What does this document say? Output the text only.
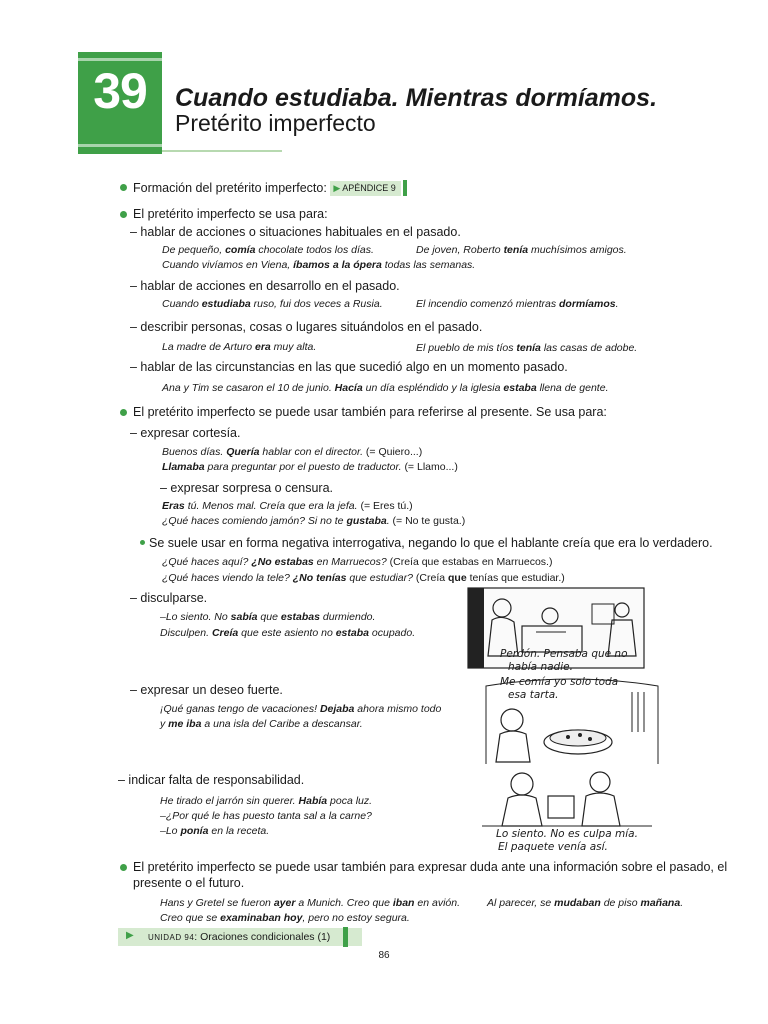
39	Cuando estudiaba. Mientras dormíamos.
Pretérito imperfecto
Formación del pretérito imperfecto: ▶ APÉNDICE 9
El pretérito imperfecto se usa para:
– hablar de acciones o situaciones habituales en el pasado.
De pequeño, comía chocolate todos los días.	De joven, Roberto tenía muchísimos amigos.
Cuando vivíamos en Viena, íbamos a la ópera todas las semanas.
– hablar de acciones en desarrollo en el pasado.
Cuando estudiaba ruso, fui dos veces a Rusia.	El incendio comenzó mientras dormíamos.
– describir personas, cosas o lugares situándolos en el pasado.
La madre de Arturo era muy alta.	El pueblo de mis tíos tenía las casas de adobe.
– hablar de las circunstancias en las que sucedió algo en un momento pasado.
Ana y Tim se casaron el 10 de junio. Hacía un día espléndido y la iglesia estaba llena de gente.
El pretérito imperfecto se puede usar también para referirse al presente. Se usa para:
– expresar cortesía.
Buenos días. Quería hablar con el director. (= Quiero...)
Llamaba para preguntar por el puesto de traductor. (= Llamo...)
– expresar sorpresa o censura.
Eras tú. Menos mal. Creía que era la jefa. (= Eres tú.)
¿Qué haces comiendo jamón? Si no te gustaba. (= No te gusta.)
Se suele usar en forma negativa interrogativa, negando lo que el hablante creía que era lo verdadero.
¿Qué haces aquí? ¿No estabas en Marruecos? (Creía que estabas en Marruecos.)
¿Qué haces viendo la tele? ¿No tenías que estudiar? (Creía que tenías que estudiar.)
– disculparse.
–Lo siento. No sabía que estabas durmiendo.
Disculpen. Creía que este asiento no estaba ocupado.
– expresar un deseo fuerte.
¡Qué ganas tengo de vacaciones! Dejaba ahora mismo todo
y me iba a una isla del Caribe a descansar.
– indicar falta de responsabilidad.
He tirado el jarrón sin querer. Había poca luz.
–¿Por qué le has puesto tanta sal a la carne?
–Lo ponía en la receta.
Perdón. Pensaba que no
había nadie.
Me comía yo solo toda
esa tarta.
Lo siento. No es culpa mía.
El paquete venía así.
El pretérito imperfecto se puede usar también para expresar duda ante una información sobre el pasado, el
presente o el futuro.
Hans y Gretel se fueron ayer a Munich. Creo que iban en avión.	Al parecer, se mudaban de piso mañana.
Creo que se examinaban hoy, pero no estoy segura.
▶ UNIDAD 94: Oraciones condicionales (1)
86
